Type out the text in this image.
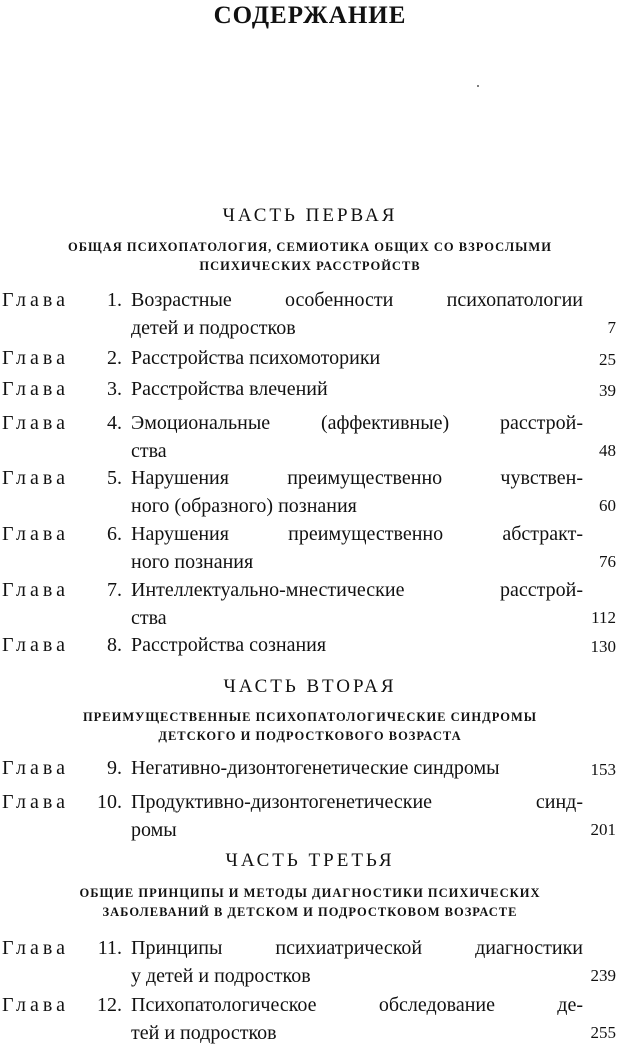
СОДЕРЖАНИЕ
ЧАСТЬ ПЕРВАЯ
ОБЩАЯ ПСИХОПАТОЛОГИЯ, СЕМИОТИКА ОБЩИХ СО ВЗРОСЛЫМИ
ПСИХИЧЕСКИХ РАССТРОЙСТВ
Глава 1. Возрастные особенности психопатологии
детей и подростков	7
Глава 2. Расстройства психомоторики	25
Глава 3. Расстройства влечений	39
Глава 4. Эмоциональные (аффективные) расстрой-
ства	48
Глава 5. Нарушения преимущественно чувствен-
ного (образного) познания	60
Глава 6. Нарушения преимущественно абстракт-
ного познания	76
Глава 7. Интеллектуально-мнестические расстрой-
ства	112
Глава 8. Расстройства сознания	130
ЧАСТЬ ВТОРАЯ
ПРЕИМУЩЕСТВЕННЫЕ ПСИХОПАТОЛОГИЧЕСКИЕ СИНДРОМЫ
ДЕТСКОГО И ПОДРОСТКОВОГО ВОЗРАСТА
Глава 9. Негативно-дизонтогенетические синдромы	153
Глава 10. Продуктивно-дизонтогенетические синд-
ромы	201
ЧАСТЬ ТРЕТЬЯ
ОБЩИЕ ПРИНЦИПЫ И МЕТОДЫ ДИАГНОСТИКИ ПСИХИЧЕСКИХ
ЗАБОЛЕВАНИЙ В ДЕТСКОМ И ПОДРОСТКОВОМ ВОЗРАСТЕ
Глава 11. Принципы психиатрической диагностики
у детей и подростков	239
Глава 12. Психопатологическое обследование де-
тей и подростков	255
